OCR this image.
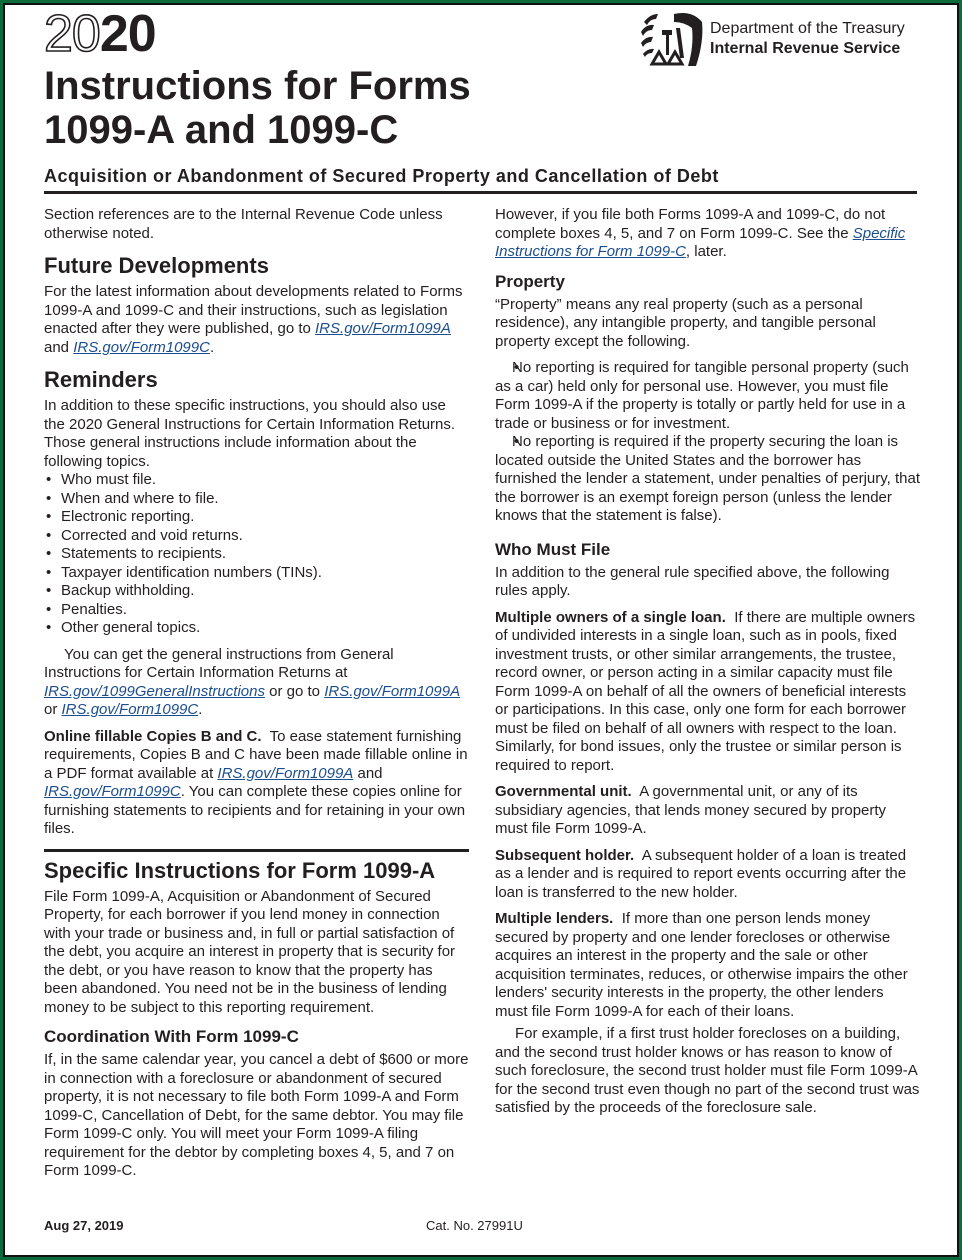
2020
Instructions for Forms
1099-A and 1099-C
Department of the Treasury
Internal Revenue Service
Acquisition or Abandonment of Secured Property and Cancellation of Debt

Section references are to the Internal Revenue Code unless otherwise noted.

Future Developments

For the latest information about developments related to Forms 1099-A and 1099-C and their instructions, such as legislation enacted after they were published, go to IRS.gov/Form1099A and IRS.gov/Form1099C.

Reminders

In addition to these specific instructions, you should also use the 2020 General Instructions for Certain Information Returns. Those general instructions include information about the following topics.

• Who must file.
• When and where to file.
• Electronic reporting.
• Corrected and void returns.
• Statements to recipients.
• Taxpayer identification numbers (TINs).
• Backup withholding.
• Penalties.
• Other general topics.

You can get the general instructions from General Instructions for Certain Information Returns at IRS.gov/1099GeneralInstructions or go to IRS.gov/Form1099A or IRS.gov/Form1099C.

Online fillable Copies B and C. To ease statement furnishing requirements, Copies B and C have been made fillable online in a PDF format available at IRS.gov/Form1099A and IRS.gov/Form1099C. You can complete these copies online for furnishing statements to recipients and for retaining in your own files.

Specific Instructions for Form 1099-A

File Form 1099-A, Acquisition or Abandonment of Secured Property, for each borrower if you lend money in connection with your trade or business and, in full or partial satisfaction of the debt, you acquire an interest in property that is security for the debt, or you have reason to know that the property has been abandoned. You need not be in the business of lending money to be subject to this reporting requirement.

Coordination With Form 1099-C

If, in the same calendar year, you cancel a debt of $600 or more in connection with a foreclosure or abandonment of secured property, it is not necessary to file both Form 1099-A and Form 1099-C, Cancellation of Debt, for the same debtor. You may file Form 1099-C only. You will meet your Form 1099-A filing requirement for the debtor by completing boxes 4, 5, and 7 on Form 1099-C.

However, if you file both Forms 1099-A and 1099-C, do not complete boxes 4, 5, and 7 on Form 1099-C. See the Specific Instructions for Form 1099-C, later.

Property

“Property” means any real property (such as a personal residence), any intangible property, and tangible personal property except the following.

• No reporting is required for tangible personal property (such as a car) held only for personal use. However, you must file Form 1099-A if the property is totally or partly held for use in a trade or business or for investment.
• No reporting is required if the property securing the loan is located outside the United States and the borrower has furnished the lender a statement, under penalties of perjury, that the borrower is an exempt foreign person (unless the lender knows that the statement is false).
Who Must File

In addition to the general rule specified above, the following rules apply.

Multiple owners of a single loan. If there are multiple owners of undivided interests in a single loan, such as in pools, fixed investment trusts, or other similar arrangements, the trustee, record owner, or person acting in a similar capacity must file Form 1099-A on behalf of all the owners of beneficial interests or participations. In this case, only one form for each borrower must be filed on behalf of all owners with respect to the loan. Similarly, for bond issues, only the trustee or similar person is required to report.

Governmental unit. A governmental unit, or any of its subsidiary agencies, that lends money secured by property must file Form 1099-A.

Subsequent holder. A subsequent holder of a loan is treated as a lender and is required to report events occurring after the loan is transferred to the new holder.

Multiple lenders. If more than one person lends money secured by property and one lender forecloses or otherwise acquires an interest in the property and the sale or other acquisition terminates, reduces, or otherwise impairs the other lenders' security interests in the property, the other lenders must file Form 1099-A for each of their loans.

For example, if a first trust holder forecloses on a building, and the second trust holder knows or has reason to know of such foreclosure, the second trust holder must file Form 1099-A for the second trust even though no part of the second trust was satisfied by the proceeds of the foreclosure sale.

Aug 27, 2019	Cat. No. 27991U
